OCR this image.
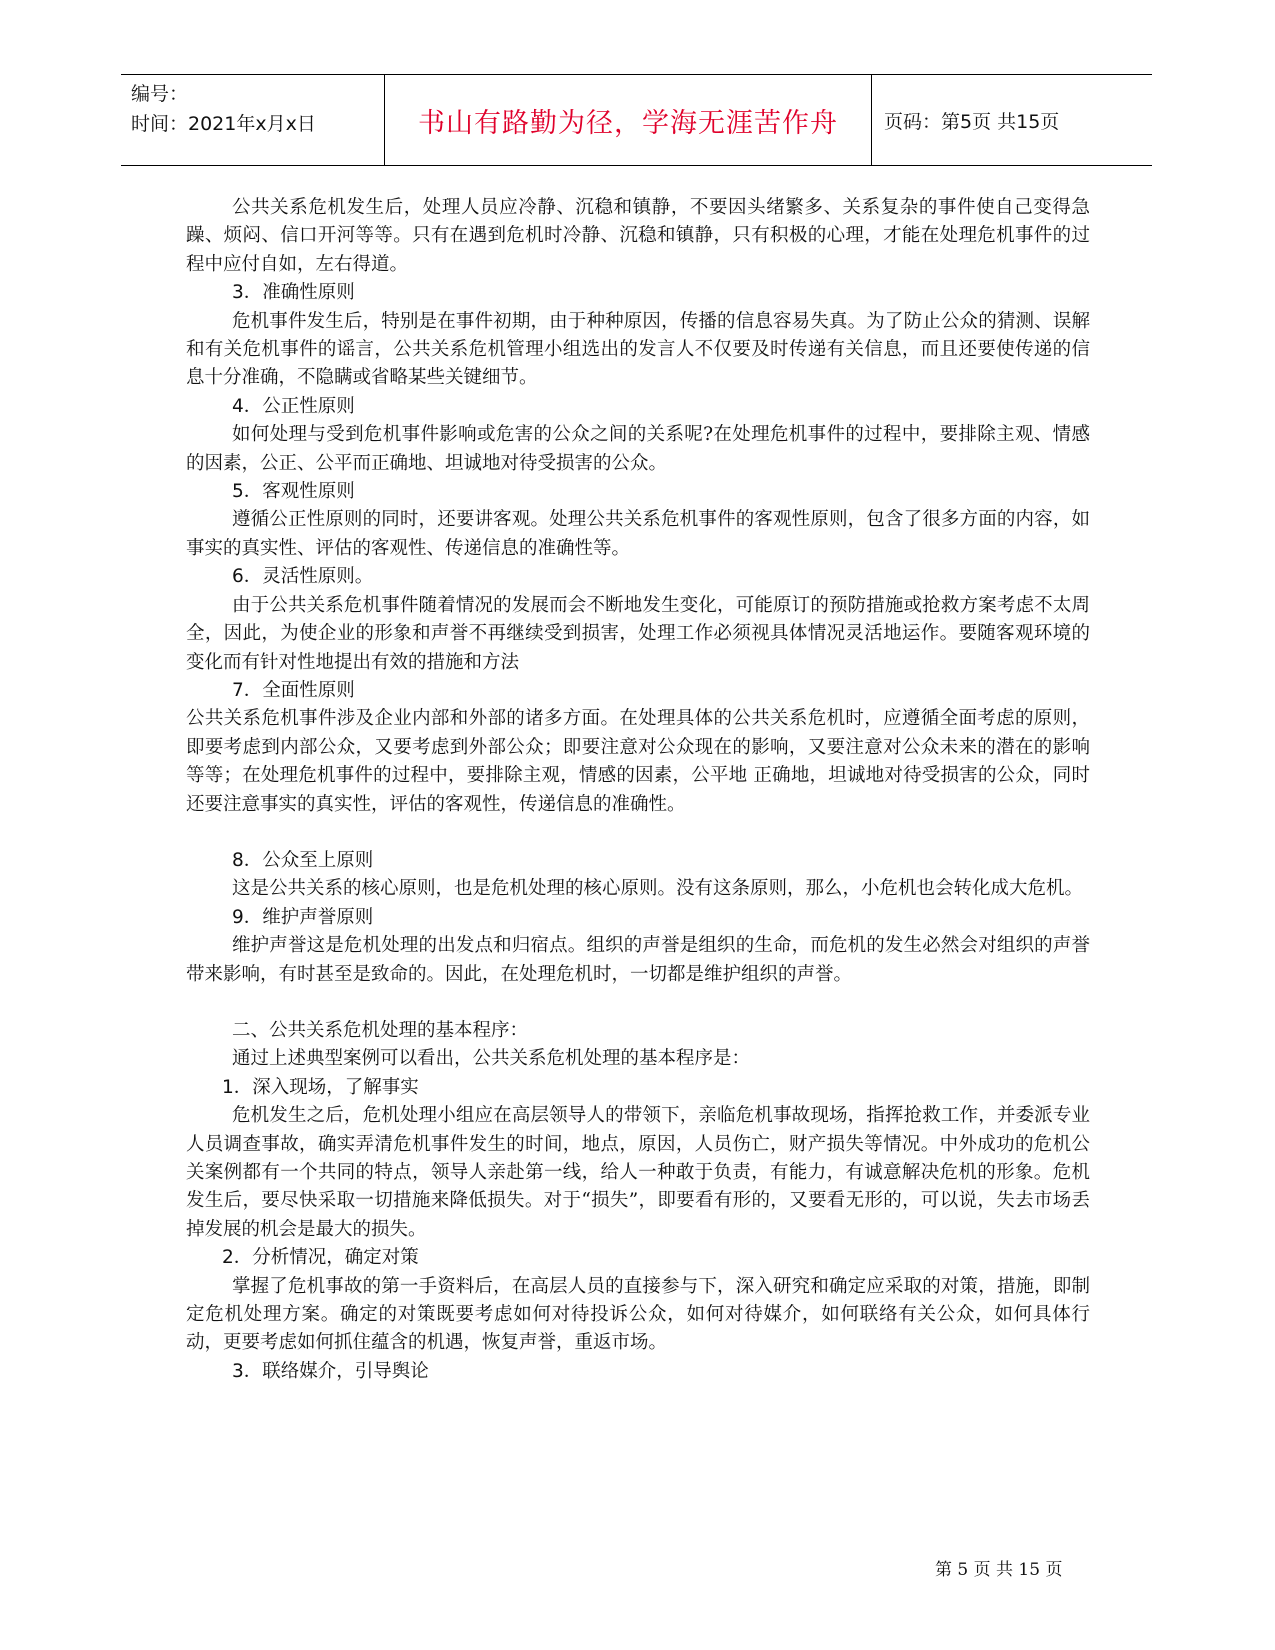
编号：
时间：2021年x月x日	书山有路勤为径，学海无涯苦作舟	页码：第5页 共15页

公共关系危机发生后，处理人员应冷静、沉稳和镇静，不要因头绪繁多、关系复杂的事件使自己变得急躁、烦闷、信口开河等等。只有在遇到危机时冷静、沉稳和镇静，只有积极的心理，才能在处理危机事件的过程中应付自如，左右得道。

3．准确性原则

危机事件发生后，特别是在事件初期，由于种种原因，传播的信息容易失真。为了防止公众的猜测、误解和有关危机事件的谣言，公共关系危机管理小组选出的发言人不仅要及时传递有关信息，而且还要使传递的信息十分准确，不隐瞒或省略某些关键细节。

4．公正性原则

如何处理与受到危机事件影响或危害的公众之间的关系呢?在处理危机事件的过程中，要排除主观、情感的因素，公正、公平而正确地、坦诚地对待受损害的公众。

5．客观性原则

遵循公正性原则的同时，还要讲客观。处理公共关系危机事件的客观性原则，包含了很多方面的内容，如事实的真实性、评估的客观性、传递信息的准确性等。

6．灵活性原则。

由于公共关系危机事件随着情况的发展而会不断地发生变化，可能原订的预防措施或抢救方案考虑不太周全，因此，为使企业的形象和声誉不再继续受到损害，处理工作必须视具体情况灵活地运作。要随客观环境的变化而有针对性地提出有效的措施和方法

7．全面性原则

公共关系危机事件涉及企业内部和外部的诸多方面。在处理具体的公共关系危机时，应遵循全面考虑的原则，即要考虑到内部公众，又要考虑到外部公众；即要注意对公众现在的影响，又要注意对公众未来的潜在的影响等等；在处理危机事件的过程中，要排除主观，情感的因素，公平地 正确地，坦诚地对待受损害的公众，同时还要注意事实的真实性，评估的客观性，传递信息的准确性。

8．公众至上原则

这是公共关系的核心原则，也是危机处理的核心原则。没有这条原则，那么，小危机也会转化成大危机。

9．维护声誉原则

维护声誉这是危机处理的出发点和归宿点。组织的声誉是组织的生命，而危机的发生必然会对组织的声誉带来影响，有时甚至是致命的。因此，在处理危机时，一切都是维护组织的声誉。

二、公共关系危机处理的基本程序：

通过上述典型案例可以看出，公共关系危机处理的基本程序是：

1．深入现场，了解事实

危机发生之后，危机处理小组应在高层领导人的带领下，亲临危机事故现场，指挥抢救工作，并委派专业人员调查事故，确实弄清危机事件发生的时间，地点，原因，人员伤亡，财产损失等情况。中外成功的危机公关案例都有一个共同的特点，领导人亲赴第一线，给人一种敢于负责，有能力，有诚意解决危机的形象。危机发生后，要尽快采取一切措施来降低损失。对于“损失”，即要看有形的，又要看无形的，可以说，失去市场丢掉发展的机会是最大的损失。

2．分析情况，确定对策

掌握了危机事故的第一手资料后，在高层人员的直接参与下，深入研究和确定应采取的对策，措施，即制定危机处理方案。确定的对策既要考虑如何对待投诉公众，如何对待媒介，如何联络有关公众，如何具体行动，更要考虑如何抓住蕴含的机遇，恢复声誉，重返市场。

3．联络媒介，引导舆论

第 5 页 共 15 页
